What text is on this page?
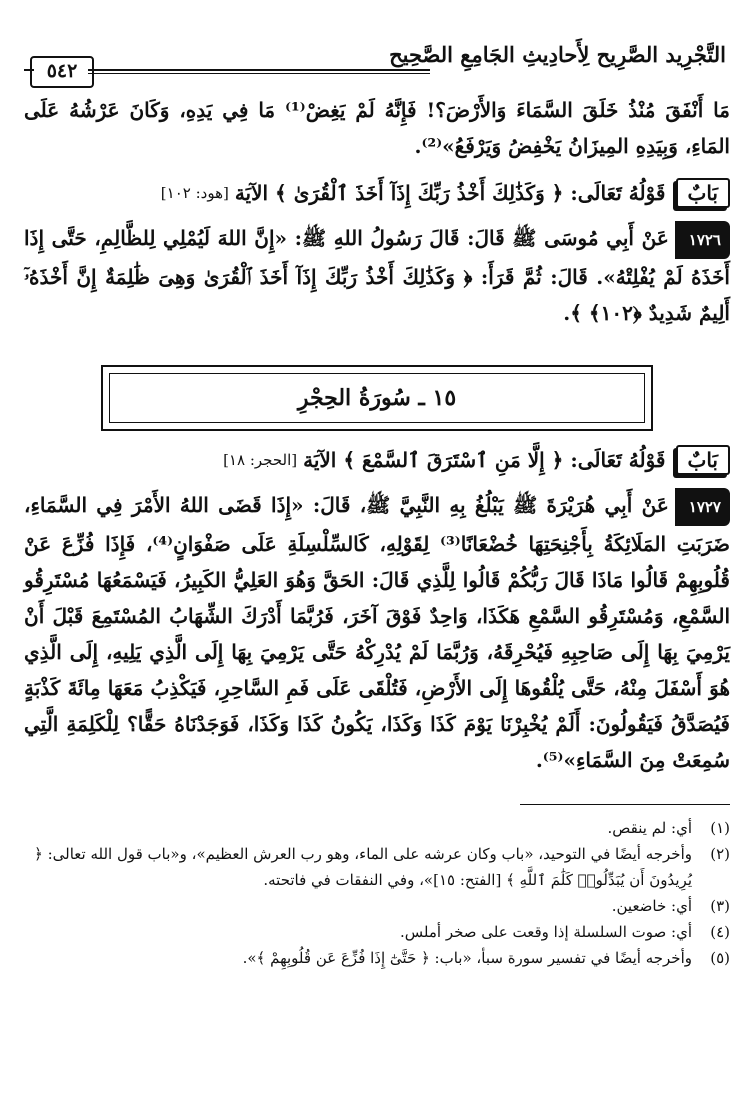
التَّجْرِيد الصَّرِيح لِأَحادِيثِ الجَامِعِ الصَّحِيح
٥٤٢

مَا أَنْفَقَ مُنْذُ خَلَقَ السَّمَاءَ وَالأَرْضَ؟! فَإِنَّهُ لَمْ يَغِضْ⁽¹⁾ مَا فِي يَدِهِ، وَكَانَ عَرْشُهُ عَلَى المَاءِ، وَبِيَدِهِ المِيزَانُ يَخْفِضُ وَيَرْفَعُ»⁽²⁾.

بَابٌ
قَوْلُهُ تَعَالَى: ﴿ وَكَذَٰلِكَ أَخْذُ رَبِّكَ إِذَآ أَخَذَ ٱلْقُرَىٰ ﴾ الآيَة
[هود: ١٠٢]

١٧٢٦عَنْ أَبِي مُوسَى ﷺ قَالَ: قَالَ رَسُولُ اللهِ ﷺ: «إِنَّ اللهَ لَيُمْلِي لِلظَّالِمِ، حَتَّى إِذَا أَخَذَهُ لَمْ يُفْلِتْهُ». قَالَ: ثُمَّ قَرَأَ: ﴿ وَكَذَٰلِكَ أَخْذُ رَبِّكَ إِذَآ أَخَذَ ٱلْقُرَىٰ وَهِىَ ظَٰلِمَةٌ إِنَّ أَخْذَهُۥٓ أَلِيمٌ شَدِيدٌ ﴿١٠٢﴾ ﴾.

١٥ ـ سُورَةُ الحِجْرِ
بَابٌ
قَوْلُهُ تَعَالَى: ﴿ إِلَّا مَنِ ٱسْتَرَقَ ٱلسَّمْعَ ﴾ الآيَة
[الحجر: ١٨]

١٧٢٧عَنْ أَبِي هُرَيْرَةَ ﷺ يَبْلُغُ بِهِ النَّبِيَّ ﷺ، قَالَ: «إِذَا قَضَى اللهُ الأَمْرَ فِي السَّمَاءِ، ضَرَبَتِ المَلَائِكَةُ بِأَجْنِحَتِهَا خُضْعَانًا⁽³⁾ لِقَوْلِهِ، كَالسِّلْسِلَةِ عَلَى صَفْوَانٍ⁽⁴⁾، فَإِذَا فُزِّعَ عَنْ قُلُوبِهِمْ قَالُوا مَاذَا قَالَ رَبُّكُمْ قَالُوا لِلَّذِي قَالَ: الحَقَّ وَهُوَ العَلِيُّ الكَبِيرُ، فَيَسْمَعُهَا مُسْتَرِقُو السَّمْعِ، وَمُسْتَرِقُو السَّمْعِ هَكَذَا، وَاحِدٌ فَوْقَ آخَرَ، فَرُبَّمَا أَدْرَكَ الشِّهَابُ المُسْتَمِعَ قَبْلَ أَنْ يَرْمِيَ بِهَا إِلَى صَاحِبِهِ فَيُحْرِقَهُ، وَرُبَّمَا لَمْ يُدْرِكْهُ حَتَّى يَرْمِيَ بِهَا إِلَى الَّذِي يَلِيهِ، إِلَى الَّذِي هُوَ أَسْفَلَ مِنْهُ، حَتَّى يُلْقُوهَا إِلَى الأَرْضِ، فَتُلْقَى عَلَى فَمِ السَّاحِرِ، فَيَكْذِبُ مَعَهَا مِائَةَ كَذْبَةٍ فَيُصَدَّقُ فَيَقُولُونَ: أَلَمْ يُخْبِرْنَا يَوْمَ كَذَا وَكَذَا، يَكُونُ كَذَا وَكَذَا، فَوَجَدْنَاهُ حَقًّا؟ لِلْكَلِمَةِ الَّتِي سُمِعَتْ مِنَ السَّمَاءِ»⁽⁵⁾.

(١)
أي: لم ينقص.
(٢)
وأخرجه أيضًا في التوحيد، «باب وكان عرشه على الماء، وهو رب العرش العظيم»، و«باب قول الله تعالى: ﴿ يُرِيدُونَ أَن يُبَدِّلُوا۟ كَلَٰمَ ٱللَّهِ ﴾ [الفتح: ١٥]»، وفي النفقات في فاتحته.
(٣)
أي: خاضعين.
(٤)
أي: صوت السلسلة إذا وقعت على صخر أملس.
(٥)
وأخرجه أيضًا في تفسير سورة سبأ، «باب: ﴿ حَتَّىٰٓ إِذَا فُزِّعَ عَن قُلُوبِهِمْ ﴾».
